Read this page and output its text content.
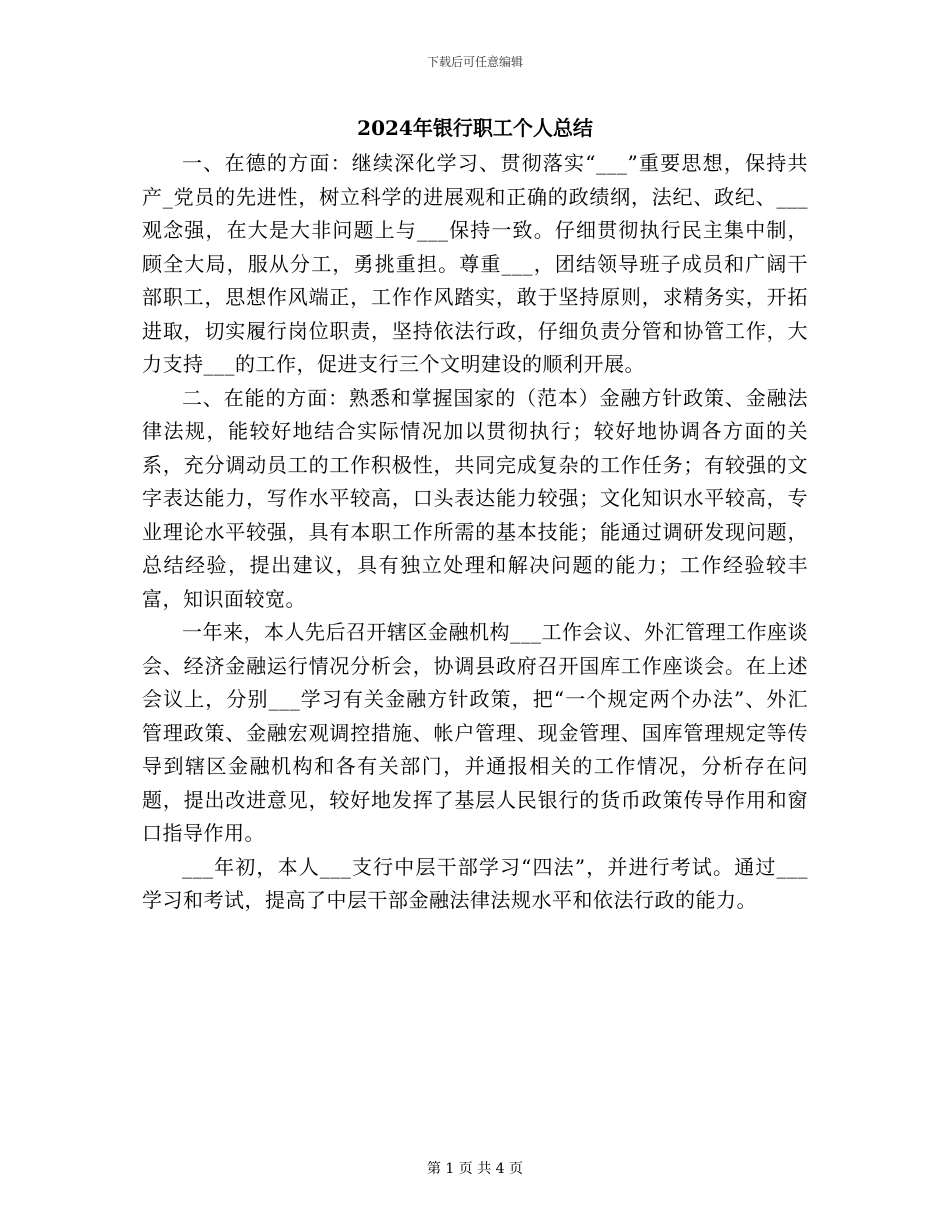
下载后可任意编辑
2024年银行职工个人总结

一、在德的方面：继续深化学习、贯彻落实“___”重要思想，保持共产_党员的先进性，树立科学的进展观和正确的政绩纲，法纪、政纪、___观念强，在大是大非问题上与___保持一致。仔细贯彻执行民主集中制，顾全大局，服从分工，勇挑重担。尊重___，团结领导班子成员和广阔干部职工，思想作风端正，工作作风踏实，敢于坚持原则，求精务实，开拓进取，切实履行岗位职责，坚持依法行政，仔细负责分管和协管工作，大力支持___的工作，促进支行三个文明建设的顺利开展。

二、在能的方面：熟悉和掌握国家的（范本）金融方针政策、金融法律法规，能较好地结合实际情况加以贯彻执行；较好地协调各方面的关系，充分调动员工的工作积极性，共同完成复杂的工作任务；有较强的文字表达能力，写作水平较高，口头表达能力较强；文化知识水平较高，专业理论水平较强，具有本职工作所需的基本技能；能通过调研发现问题，总结经验，提出建议，具有独立处理和解决问题的能力；工作经验较丰富，知识面较宽。

一年来，本人先后召开辖区金融机构___工作会议、外汇管理工作座谈会、经济金融运行情况分析会，协调县政府召开国库工作座谈会。在上述会议上，分别___学习有关金融方针政策，把“一个规定两个办法”、外汇管理政策、金融宏观调控措施、帐户管理、现金管理、国库管理规定等传导到辖区金融机构和各有关部门，并通报相关的工作情况，分析存在问题，提出改进意见，较好地发挥了基层人民银行的货币政策传导作用和窗口指导作用。

___年初，本人___支行中层干部学习“四法”，并进行考试。通过___学习和考试，提高了中层干部金融法律法规水平和依法行政的能力。

第 1 页 共 4 页
